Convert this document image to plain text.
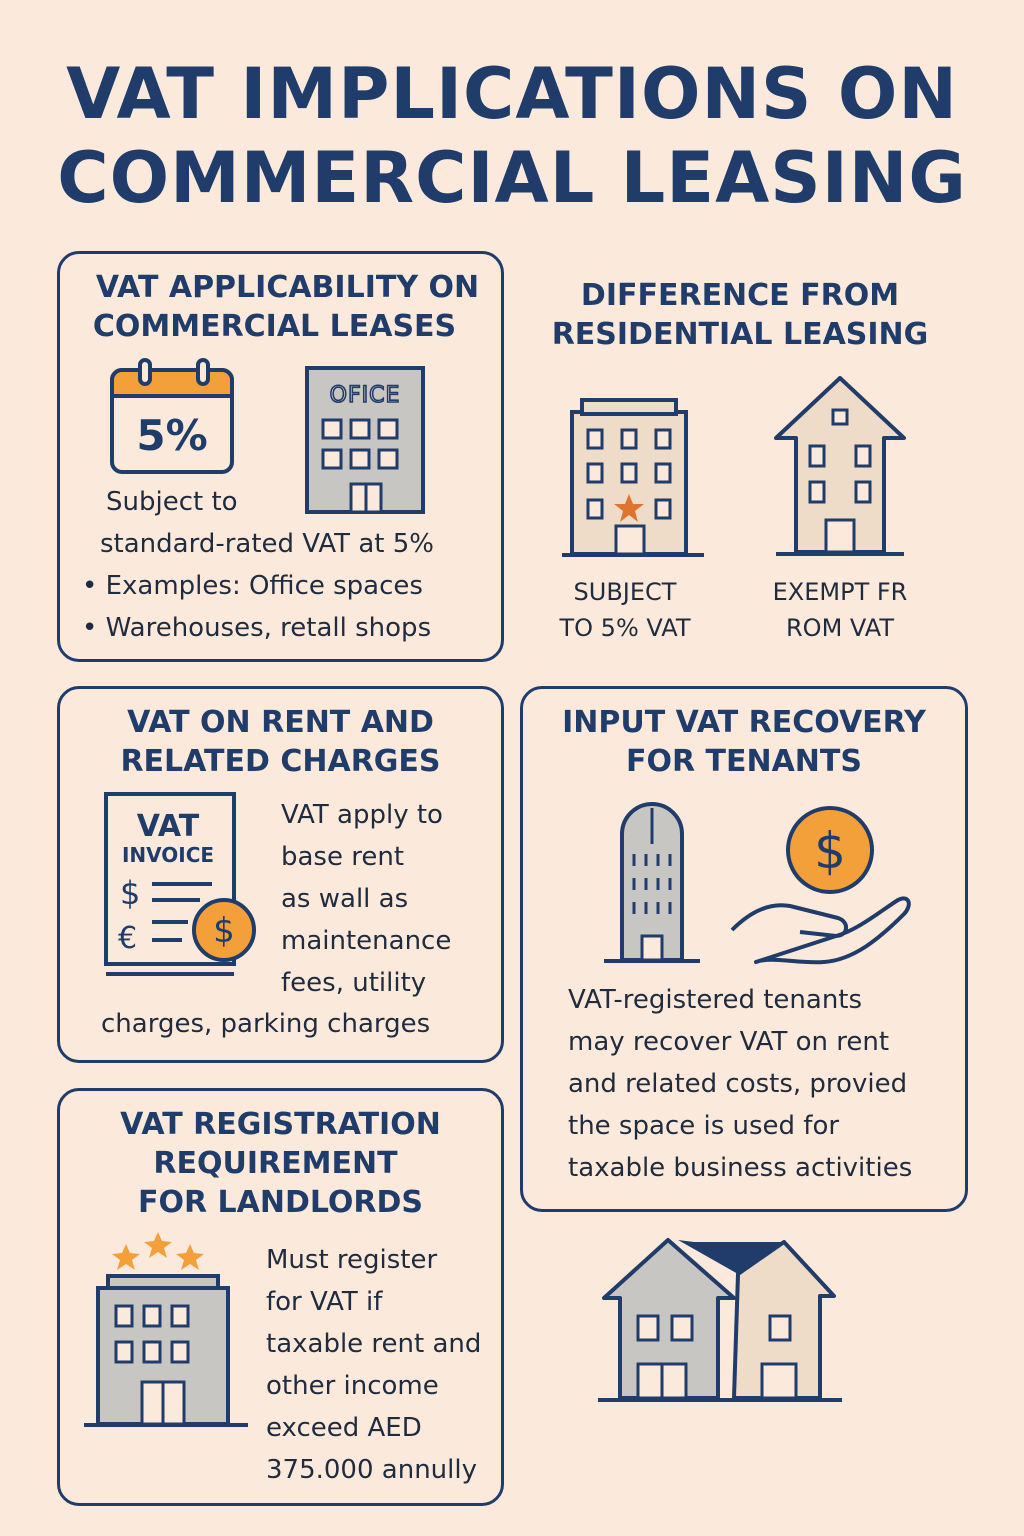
VAT IMPLICATIONS ON
COMMERCIAL LEASING
VAT APPLICABILITY ON
COMMERCIAL LEASES
5%
OFICE
Subject to
standard-rated VAT at 5%
• Examples: Office spaces
• Warehouses, retall shops
DIFFERENCE FROM
RESIDENTIAL LEASING
SUBJECT
TO 5% VAT
EXEMPT FR
ROM VAT
VAT ON RENT AND
RELATED CHARGES
VAT
INVOICE
$
€ $
VAT apply to
base rent
as wall as
maintenance
fees, utility
charges, parking charges
INPUT VAT RECOVERY
FOR TENANTS
$
VAT-registered tenants
may recover VAT on rent
and related costs, provied
the space is used for
taxable business activities
VAT REGISTRATION
REQUIREMENT
FOR LANDLORDS
Must register
for VAT if
taxable rent and
other income
exceed AED
375.000 annully
